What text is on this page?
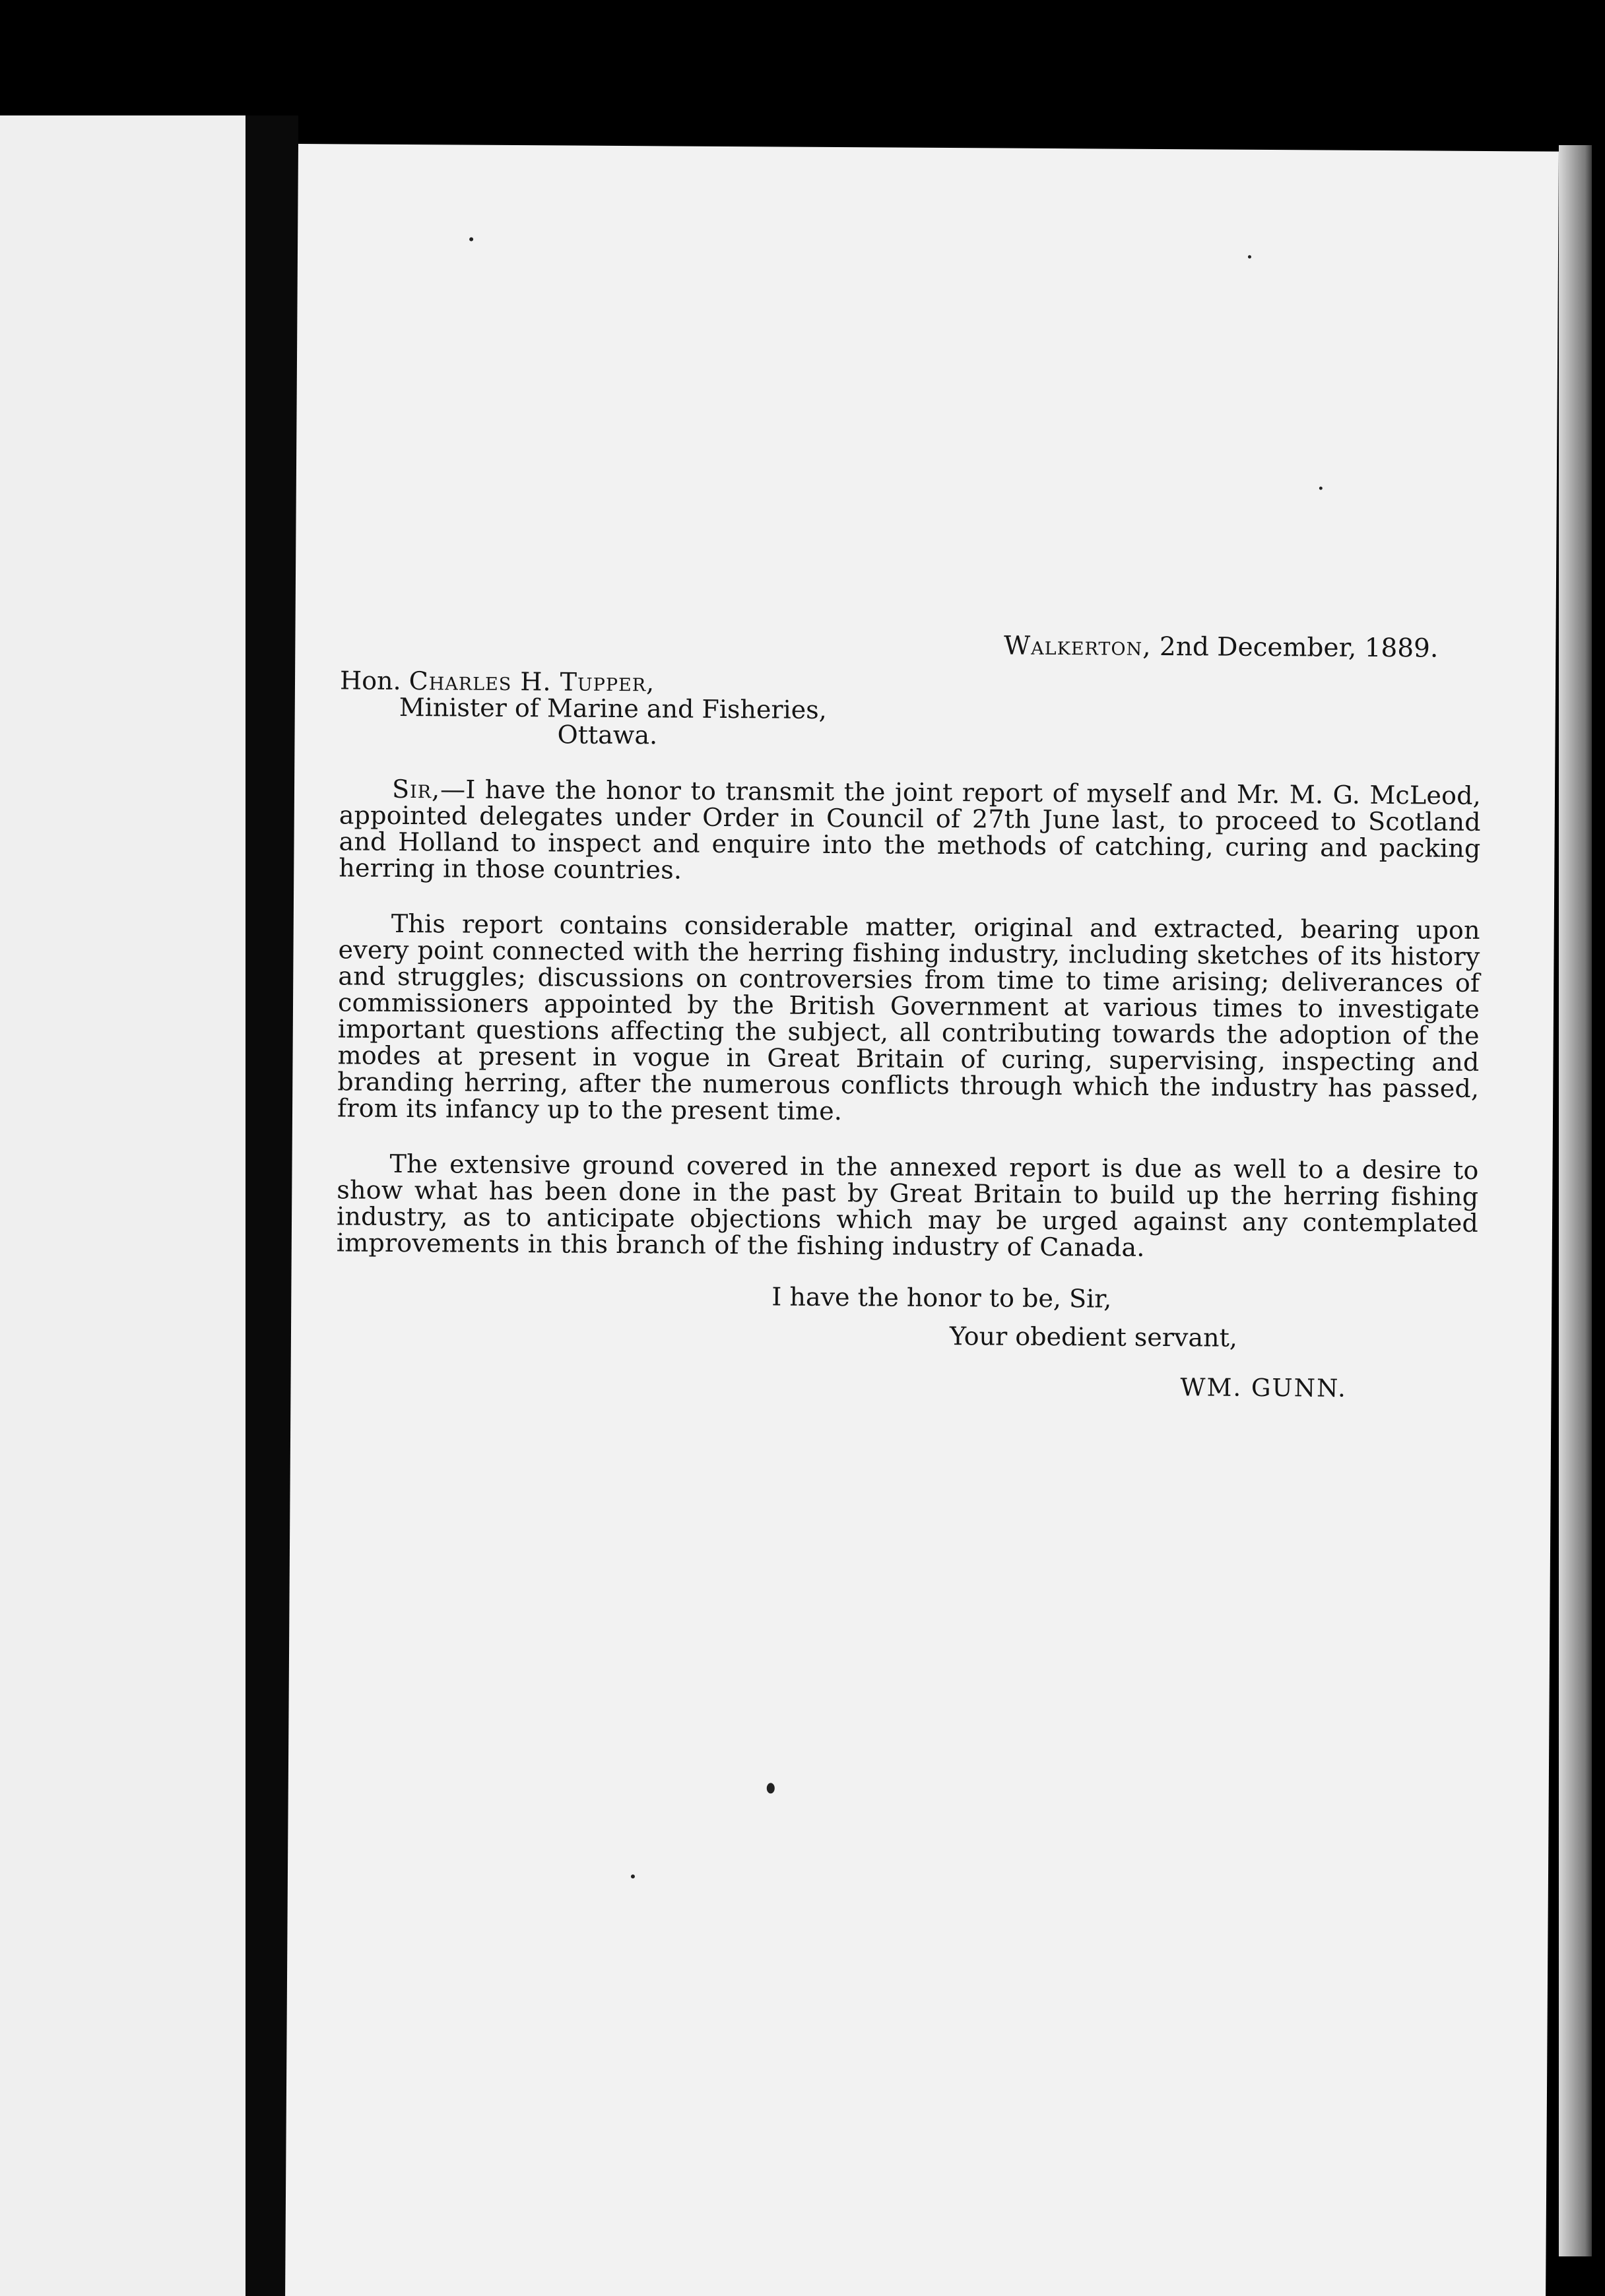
Walkerton, 2nd December, 1889.

Hon. Charles H. Tupper,

Minister of Marine and Fisheries,

Ottawa.

Sir,—I have the honor to transmit the joint report of myself and Mr. M. G. McLeod, appointed delegates under Order in Council of 27th June last, to proceed to Scotland and Holland to inspect and enquire into the methods of catching, curing and packing herring in those countries.

This report contains considerable matter, original and extracted, bearing upon every point connected with the herring fishing industry, including sketches of its history and struggles; discussions on controversies from time to time arising; deliverances of commissioners appointed by the British Government at various times to investigate important questions affecting the subject, all contributing towards the adoption of the modes at present in vogue in Great Britain of curing, supervising, inspecting and branding herring, after the numerous conflicts through which the industry has passed, from its infancy up to the present time.

The extensive ground covered in the annexed report is due as well to a desire to show what has been done in the past by Great Britain to build up the herring fishing industry, as to anticipate objections which may be urged against any contemplated improvements in this branch of the fishing industry of Canada.

I have the honor to be, Sir,

Your obedient servant,

WM. GUNN.
